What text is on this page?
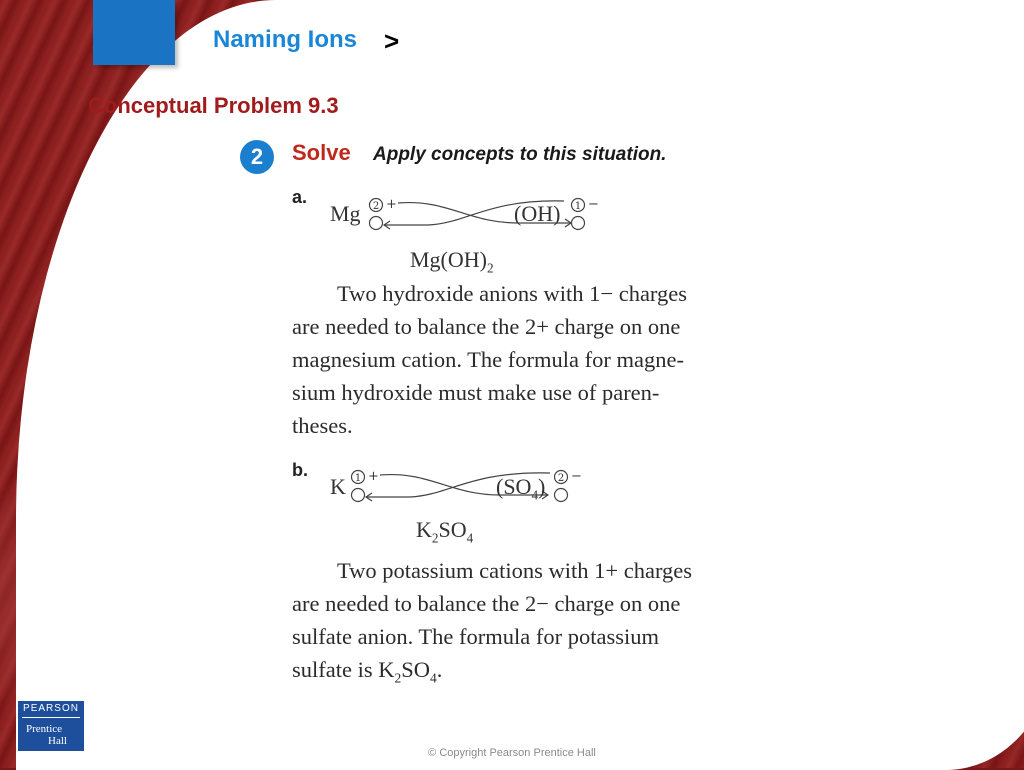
Naming Ions >
Conceptual Problem 9.3
2	Solve Apply concepts to this situation.
a.
Mg 2 +	1 −
(OH)
$Mg(OH)_2$
Two hydroxide anions with 1− charges
are needed to balance the 2+ charge on one
magnesium cation. The formula for magne-
sium hydroxide must make use of paren-
theses.
b.
K 1 +	2 −
$(SO_4)$
$K_2SO_4$
Two potassium cations with 1+ charges
are needed to balance the 2− charge on one
sulfate anion. The formula for potassium
sulfate is $K_2SO_4$.
PEARSON
Prentice
Hall
Slide
17 of 33
© Copyright Pearson Prentice Hall
